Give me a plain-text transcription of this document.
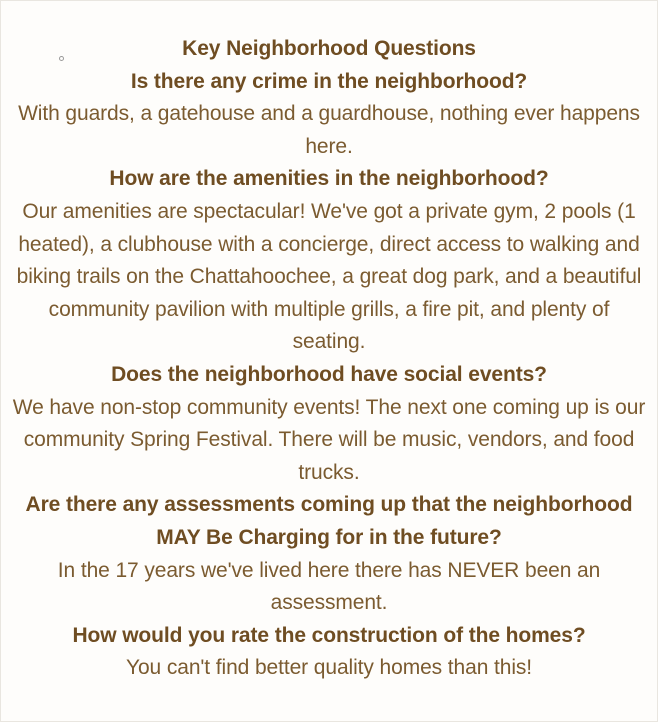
Key Neighborhood Questions
Is there any crime in the neighborhood?
With guards, a gatehouse and a guardhouse, nothing ever happens here.
How are the amenities in the neighborhood?
Our amenities are spectacular! We've got a private gym, 2 pools (1 heated), a clubhouse with a concierge, direct access to walking and biking trails on the Chattahoochee, a great dog park, and a beautiful community pavilion with multiple grills, a fire pit, and plenty of seating.
Does the neighborhood have social events?
We have non-stop community events! The next one coming up is our community Spring Festival. There will be music, vendors, and food trucks.
Are there any assessments coming up that the neighborhood MAY Be Charging for in the future?
In the 17 years we've lived here there has NEVER been an assessment.
How would you rate the construction of the homes?
You can't find better quality homes than this!
